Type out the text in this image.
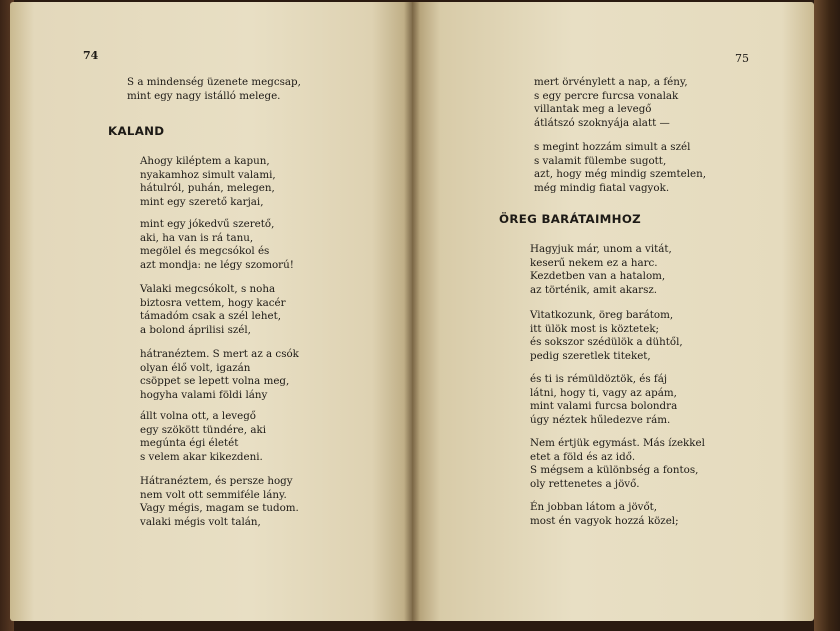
74
S a mindenség üzenete megcsap,
mint egy nagy istálló melege.
KALAND
Ahogy kiléptem a kapun,
nyakamhoz simult valami,
hátulról, puhán, melegen,
mint egy szerető karjai,
mint egy jókedvű szerető,
aki, ha van is rá tanu,
megölel és megcsókol és
azt mondja: ne légy szomorú!
Valaki megcsókolt, s noha
biztosra vettem, hogy kacér
támadóm csak a szél lehet,
a bolond áprilisi szél,
hátranéztem. S mert az a csók
olyan élő volt, igazán
csöppet se lepett volna meg,
hogyha valami földi lány
állt volna ott, a levegő
egy szökött tündére, aki
megúnta égi életét
s velem akar kikezdeni.
Hátranéztem, és persze hogy
nem volt ott semmiféle lány.
Vagy mégis, magam se tudom.
valaki mégis volt talán,
75
mert örvénylett a nap, a fény,
s egy percre furcsa vonalak
villantak meg a levegő
átlátszó szoknyája alatt —
s megint hozzám simult a szél
s valamit fülembe sugott,
azt, hogy még mindig szemtelen,
még mindig fiatal vagyok.
ÖREG BARÁTAIMHOZ
Hagyjuk már, unom a vitát,
keserű nekem ez a harc.
Kezdetben van a hatalom,
az történik, amit akarsz.
Vitatkozunk, öreg barátom,
itt ülök most is köztetek;
és sokszor szédülök a dühtől,
pedig szeretlek titeket,
és ti is rémüldöztök, és fáj
látni, hogy ti, vagy az apám,
mint valami furcsa bolondra
úgy néztek hűledezve rám.
Nem értjük egymást. Más ízekkel
etet a föld és az idő.
S mégsem a különbség a fontos,
oly rettenetes a jövő.
Én jobban látom a jövőt,
most én vagyok hozzá közel;
